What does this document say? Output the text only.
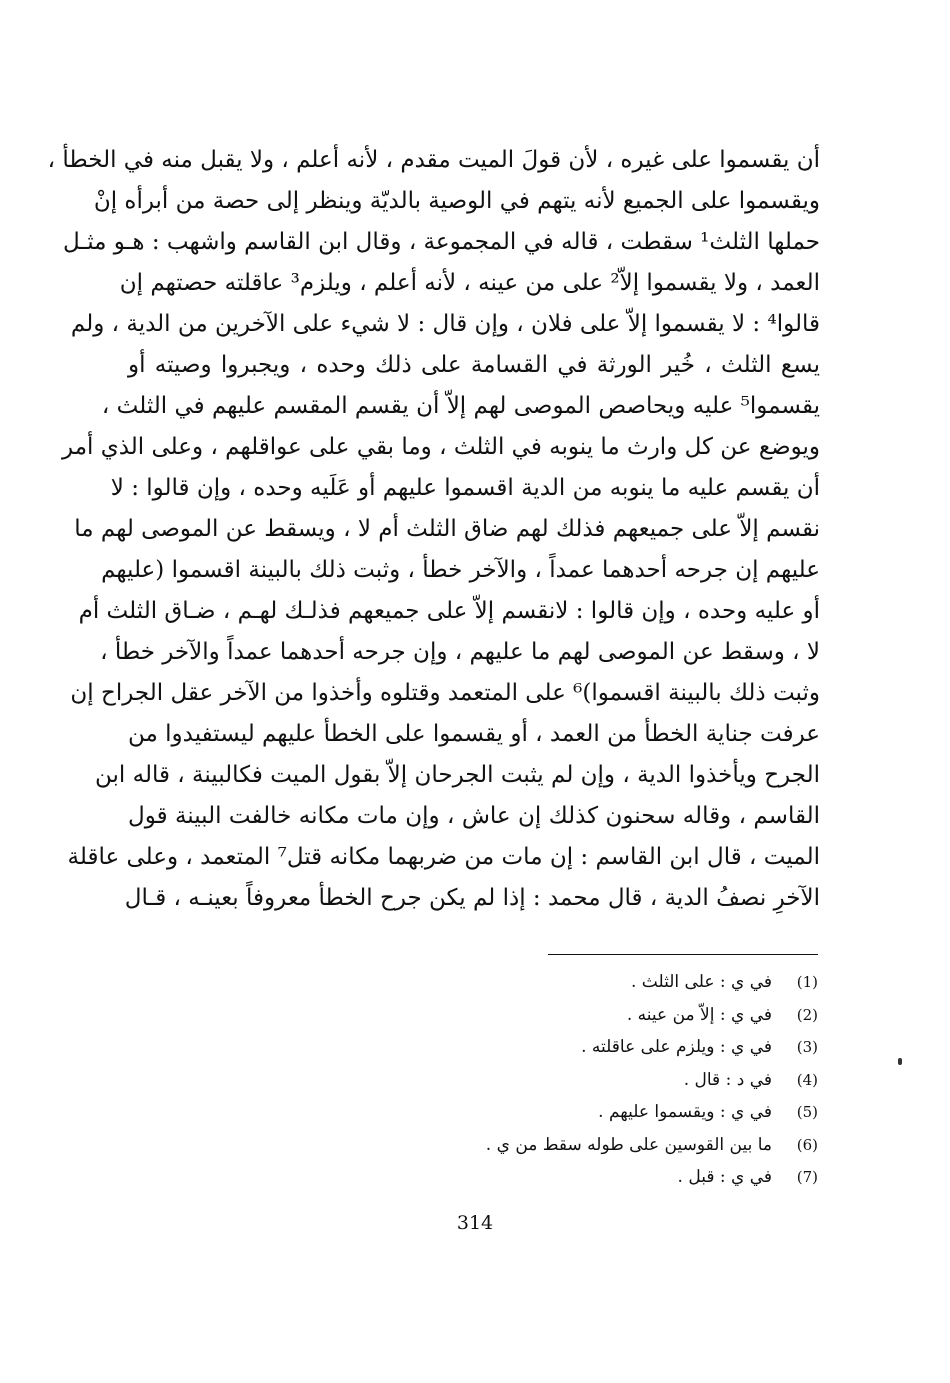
أن يقسموا على غيره ، لأن قولَ الميت مقدم ، لأنه أعلم ، ولا يقبل منه في الخطأ ،
ويقسموا على الجميع لأنه يتهم في الوصية بالديّة وينظر إلى حصة من أبرأه إنْ
حملها الثلث¹ سقطت ، قاله في المجموعة ، وقال ابن القاسم واشهب : هـو مثـل
العمد ، ولا يقسموا إلاّ² على من عينه ، لأنه أعلم ، ويلزم³ عاقلته حصتهم إن
قالوا⁴ : لا يقسموا إلاّ على فلان ، وإن قال : لا شيء على الآخرين من الدية ، ولم
يسع الثلث ، خُير الورثة في القسامة على ذلك وحده ، ويجبروا وصيته أو
يقسموا⁵ عليه ويحاصص الموصى لهم إلاّ أن يقسم المقسم عليهم في الثلث ،
ويوضع عن كل وارث ما ينوبه في الثلث ، وما بقي على عواقلهم ، وعلى الذي أمر
أن يقسم عليه ما ينوبه من الدية اقسموا عليهم أو عَلَيه وحده ، وإن قالوا : لا
نقسم إلاّ على جميعهم فذلك لهم ضاق الثلث أم لا ، ويسقط عن الموصى لهم ما
عليهم إن جرحه أحدهما عمداً ، والآخر خطأ ، وثبت ذلك بالبينة اقسموا (عليهم
أو عليه وحده ، وإن قالوا : لانقسم إلاّ على جميعهم فذلـك لهـم ، ضـاق الثلث أم
لا ، وسقط عن الموصى لهم ما عليهم ، وإن جرحه أحدهما عمداً والآخر خطأ ،
وثبت ذلك بالبينة اقسموا)⁶ على المتعمد وقتلوه وأخذوا من الآخر عقل الجراح إن
عرفت جناية الخطأ من العمد ، أو يقسموا على الخطأ عليهم ليستفيدوا من
الجرح ويأخذوا الدية ، وإن لم يثبت الجرحان إلاّ بقول الميت فكالبينة ، قاله ابن
القاسم ، وقاله سحنون كذلك إن عاش ، وإن مات مكانه خالفت البينة قول
الميت ، قال ابن القاسم : إن مات من ضربهما مكانه قتل⁷ المتعمد ، وعلى عاقلة
الآخرِ نصفُ الدية ، قال محمد : إذا لم يكن جرح الخطأ معروفاً بعينـه ، قـال
(1)
في ي : على الثلث .
(2)
في ي : إلاّ من عينه .
(3)
في ي : ويلزم على عاقلته .
(4)
في د : قال .
(5)
في ي : ويقسموا عليهم .
(6)
ما بين القوسين على طوله سقط من ي .
(7)
في ي : قبل .
314
